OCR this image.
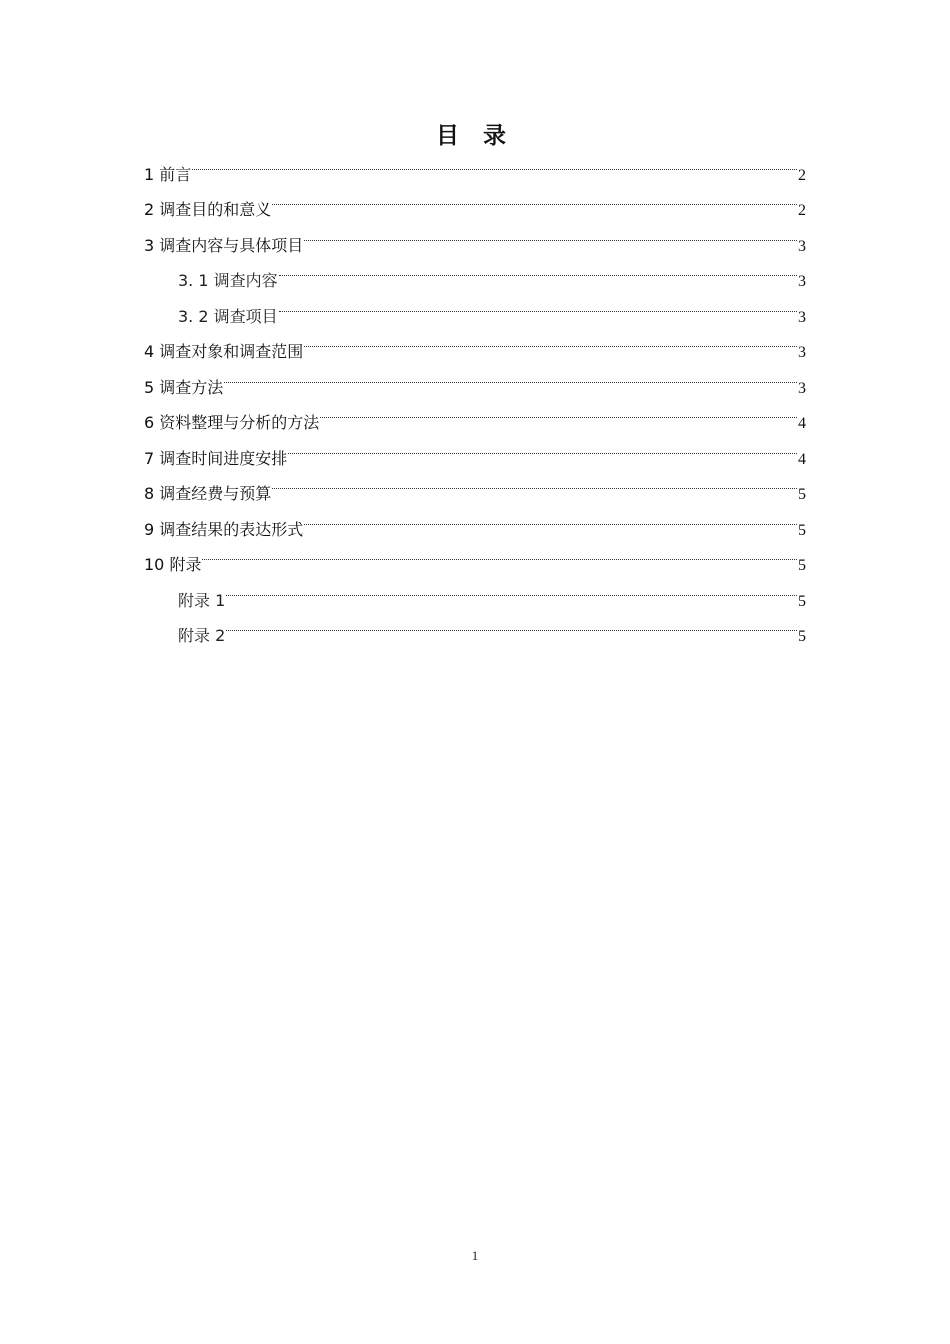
目 录
1 前言	2
2 调查目的和意义	2
3 调查内容与具体项目	3
3. 1 调查内容	3
3. 2 调查项目	3
4 调查对象和调查范围	3
5 调查方法	3
6 资料整理与分析的方法	4
7 调查时间进度安排	4
8 调查经费与预算	5
9 调查结果的表达形式	5
10 附录	5
附录 1	5
附录 2	5
1
